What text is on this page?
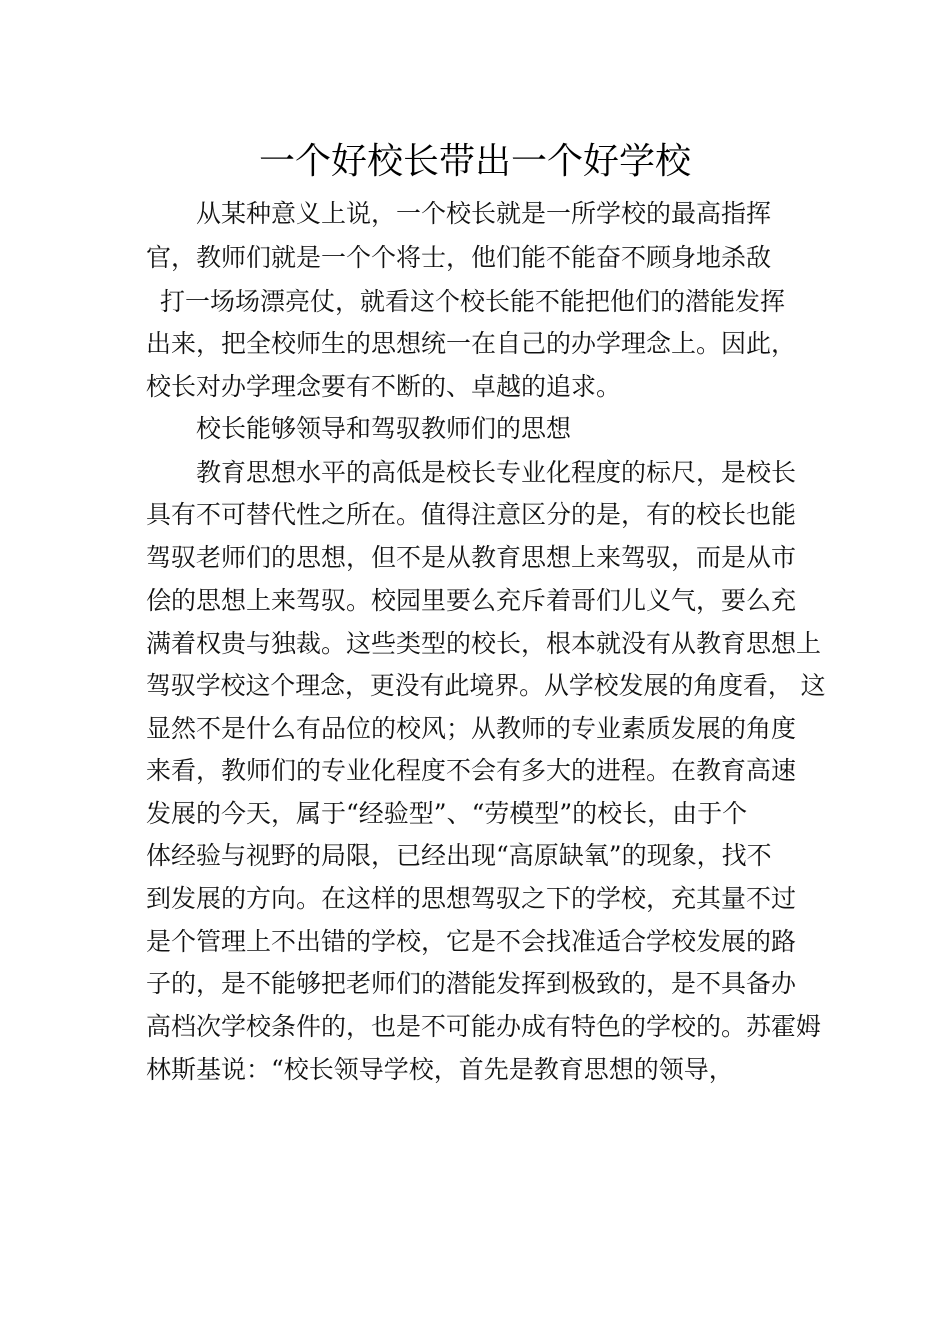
一个好校长带出一个好学校
从某种意义上说，一个校长就是一所学校的最高指挥
官，教师们就是一个个将士，他们能不能奋不顾身地杀敌
打一场场漂亮仗，就看这个校长能不能把他们的潜能发挥
出来，把全校师生的思想统一在自己的办学理念上。因此，
校长对办学理念要有不断的、卓越的追求。
校长能够领导和驾驭教师们的思想
教育思想水平的高低是校长专业化程度的标尺，是校长
具有不可替代性之所在。值得注意区分的是，有的校长也能
驾驭老师们的思想，但不是从教育思想上来驾驭，而是从市
侩的思想上来驾驭。校园里要么充斥着哥们儿义气，要么充
满着权贵与独裁。这些类型的校长，根本就没有从教育思想上
驾驭学校这个理念，更没有此境界。从学校发展的角度看， 这
显然不是什么有品位的校风；从教师的专业素质发展的角度
来看，教师们的专业化程度不会有多大的进程。在教育高速
发展的今天，属于“经验型”、“劳模型”的校长，由于个
体经验与视野的局限，已经出现“高原缺氧”的现象，找不
到发展的方向。在这样的思想驾驭之下的学校，充其量不过
是个管理上不出错的学校，它是不会找准适合学校发展的路
子的，是不能够把老师们的潜能发挥到极致的，是不具备办
高档次学校条件的，也是不可能办成有特色的学校的。苏霍姆
林斯基说：“校长领导学校，首先是教育思想的领导，
